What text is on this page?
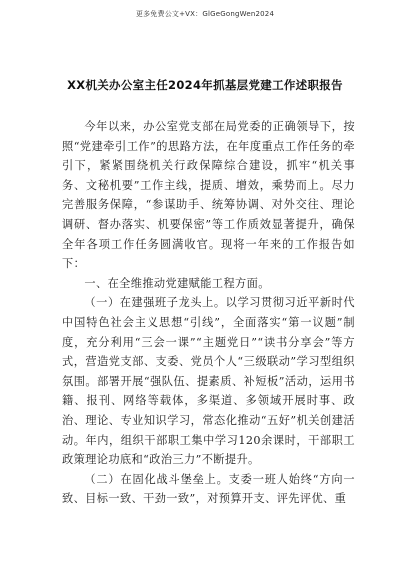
更多免费公文+VX：GlGeGongWen2024
XX机关办公室主任2024年抓基层党建工作述职报告

今年以来，办公室党支部在局党委的正确领导下，按照“党建牵引工作”的思路方法，在年度重点工作任务的牵引下，紧紧围绕机关行政保障综合建设，抓牢“机关事务、文秘机要”工作主线，提质、增效，乘势而上。尽力完善服务保障，“参谋助手、统筹协调、对外交往、理论调研、督办落实、机要保密”等工作质效显著提升，确保全年各项工作任务圆满收官。现将一年来的工作报告如下：

一、在全维推动党建赋能工程方面。

（一）在建强班子龙头上。以学习贯彻习近平新时代中国特色社会主义思想“引线”，全面落实“第一议题”制度，充分利用“三会一课”“主题党日”“读书分享会”等方式，营造党支部、支委、党员个人“三级联动”学习型组织氛围。部署开展“强队伍、提素质、补短板”活动，运用书籍、报刊、网络等载体，多渠道、多领域开展时事、政治、理论、专业知识学习，常态化推动“五好”机关创建活动。年内，组织干部职工集中学习120余课时，干部职工政策理论功底和“政治三力”不断提升。

（二）在固化战斗堡垒上。支委一班人始终“方向一致、目标一致、干劲一致”，对预算开支、评先评优、重
